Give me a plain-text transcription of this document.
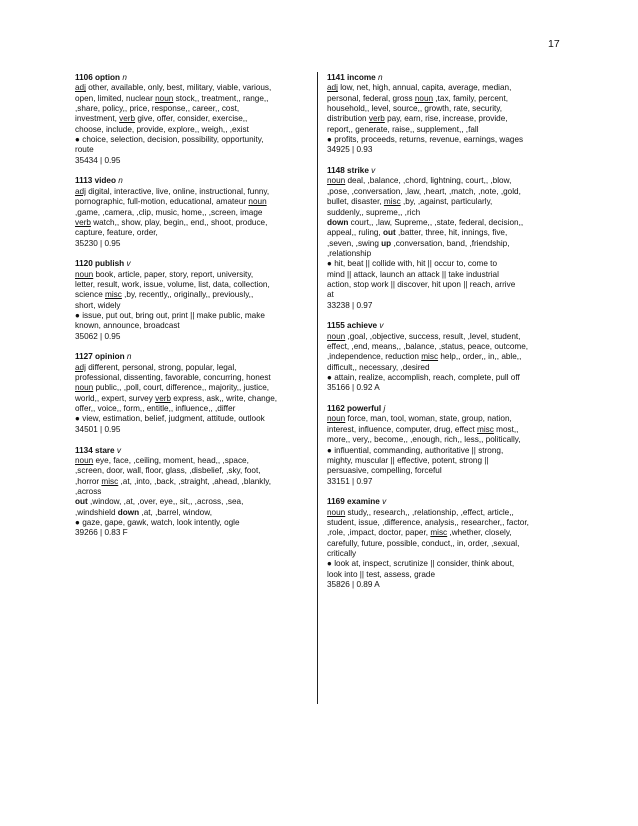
17
1106 option n
adj other, available, only, best, military, viable, various,
open, limited, nuclear noun stock,, treatment,, range,,
,share, policy,, price, response,, career,, cost,
investment, verb give, offer, consider, exercise,,
choose, include, provide, explore,, weigh,, ,exist
● choice, selection, decision, possibility, opportunity,
route
35434 | 0.95
1113 video n
adj digital, interactive, live, online, instructional, funny,
pornographic, full-motion, educational, amateur noun
,game, ,camera, ,clip, music, home,, ,screen, image
verb watch,, show, play, begin,, end,, shoot, produce,
capture, feature, order,
35230 | 0.95
1120 publish v
noun book, article, paper, story, report, university,
letter, result, work, issue, volume, list, data, collection,
science misc ,by, recently,, originally,, previously,,
short, widely
● issue, put out, bring out, print || make public, make
known, announce, broadcast
35062 | 0.95
1127 opinion n
adj different, personal, strong, popular, legal,
professional, dissenting, favorable, concurring, honest
noun public,, ,poll, court, difference,, majority,, justice,
world,, expert, survey verb express, ask,, write, change,
offer,, voice,, form,, entitle,, influence,, ,differ
● view, estimation, belief, judgment, attitude, outlook
34501 | 0.95
1134 stare v
noun eye, face, ,ceiling, moment, head,, ,space,
,screen, door, wall, floor, glass, ,disbelief, ,sky, foot,
,horror misc ,at, ,into, ,back, ,straight, ,ahead, ,blankly,
,across
out ,window, ,at, ,over, eye,, sit,, ,across, ,sea,
,windshield down ,at, ,barrel, window,
● gaze, gape, gawk, watch, look intently, ogle
39266 | 0.83 F
1141 income n
adj low, net, high, annual, capita, average, median,
personal, federal, gross noun ,tax, family, percent,
household,, level, source,, growth, rate, security,
distribution verb pay, earn, rise, increase, provide,
report,, generate, raise,, supplement,, ,fall
● profits, proceeds, returns, revenue, earnings, wages
34925 | 0.93
1148 strike v
noun deal, ,balance, ,chord, lightning, court,, ,blow,
,pose, ,conversation, ,law, ,heart, ,match, ,note, ,gold,
bullet, disaster, misc ,by, ,against, particularly,
suddenly,, supreme,, ,rich
down court,, ,law, Supreme,, ,state, federal, decision,,
appeal,, ruling, out ,batter, three, hit, innings, five,
,seven, ,swing up ,conversation, band, ,friendship,
,relationship
● hit, beat || collide with, hit || occur to, come to
mind || attack, launch an attack || take industrial
action, stop work || discover, hit upon || reach, arrive
at
33238 | 0.97
1155 achieve v
noun ,goal, ,objective, success, result, ,level, student,
effect, ,end, means,, ,balance, ,status, peace, outcome,
,independence, reduction misc help,, order,, in,, able,,
difficult,, necessary, ,desired
● attain, realize, accomplish, reach, complete, pull off
35166 | 0.92 A
1162 powerful j
noun force, man, tool, woman, state, group, nation,
interest, influence, computer, drug, effect misc most,,
more,, very,, become,, ,enough, rich,, less,, politically,
● influential, commanding, authoritative || strong,
mighty, muscular || effective, potent, strong ||
persuasive, compelling, forceful
33151 | 0.97
1169 examine v
noun study,, research,, ,relationship, ,effect, article,,
student, issue, ,difference, analysis,, researcher,, factor,
,role, ,impact, doctor, paper, misc ,whether, closely,
carefully, future, possible, conduct,, in, order, ,sexual,
critically
● look at, inspect, scrutinize || consider, think about,
look into || test, assess, grade
35826 | 0.89 A
